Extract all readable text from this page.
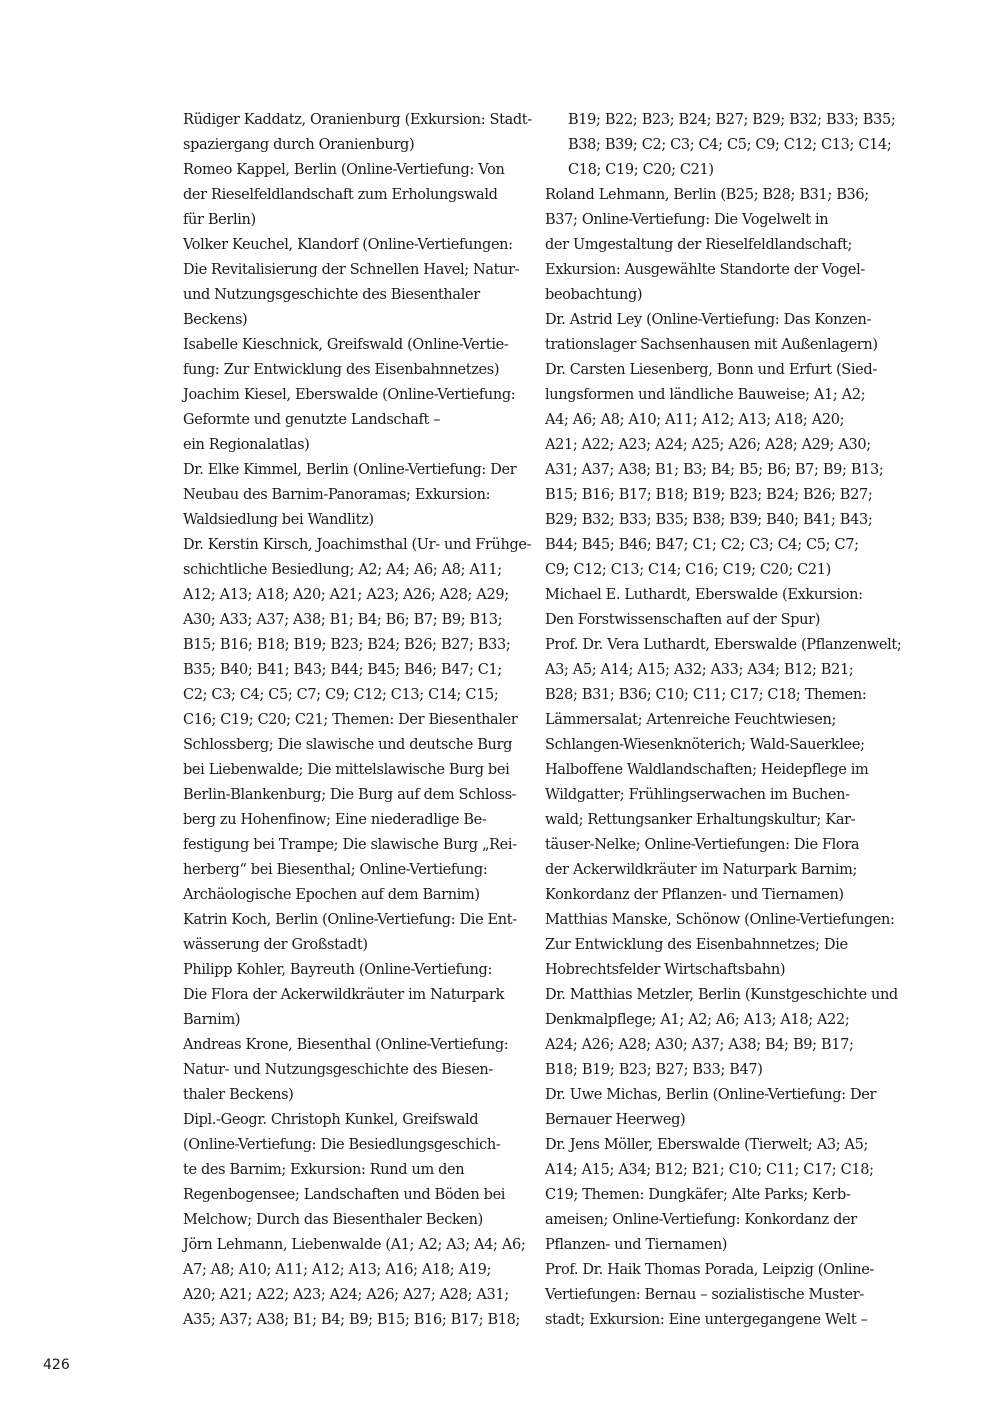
Rüdiger Kaddatz, Oranienburg (Exkursion: Stadt-
spaziergang durch Oranienburg)
Romeo Kappel, Berlin (Online-Vertiefung: Von
der Rieselfeldlandschaft zum Erholungswald
für Berlin)
Volker Keuchel, Klandorf (Online-Vertiefungen:
Die Revitalisierung der Schnellen Havel; Natur-
und Nutzungsgeschichte des Biesenthaler
Beckens)
Isabelle Kieschnick, Greifswald (Online-Vertie-
fung: Zur Entwicklung des Eisenbahnnetzes)
Joachim Kiesel, Eberswalde (Online-Vertiefung:
Geformte und genutzte Landschaft –
ein Regionalatlas)
Dr. Elke Kimmel, Berlin (Online-Vertiefung: Der
Neubau des Barnim-Panoramas; Exkursion:
Waldsiedlung bei Wandlitz)
Dr. Kerstin Kirsch, Joachimsthal (Ur- und Frühge-
schichtliche Besiedlung; A2; A4; A6; A8; A11;
A12; A13; A18; A20; A21; A23; A26; A28; A29;
A30; A33; A37; A38; B1; B4; B6; B7; B9; B13;
B15; B16; B18; B19; B23; B24; B26; B27; B33;
B35; B40; B41; B43; B44; B45; B46; B47; C1;
C2; C3; C4; C5; C7; C9; C12; C13; C14; C15;
C16; C19; C20; C21; Themen: Der Biesenthaler
Schlossberg; Die slawische und deutsche Burg
bei Liebenwalde; Die mittelslawische Burg bei
Berlin-Blankenburg; Die Burg auf dem Schloss-
berg zu Hohenfinow; Eine niederadlige Be-
festigung bei Trampe; Die slawische Burg „Rei-
herberg“ bei Biesenthal; Online-Vertiefung:
Archäologische Epochen auf dem Barnim)
Katrin Koch, Berlin (Online-Vertiefung: Die Ent-
wässerung der Großstadt)
Philipp Kohler, Bayreuth (Online-Vertiefung:
Die Flora der Ackerwildkräuter im Naturpark
Barnim)
Andreas Krone, Biesenthal (Online-Vertiefung:
Natur- und Nutzungsgeschichte des Biesen-
thaler Beckens)
Dipl.-Geogr. Christoph Kunkel, Greifswald
(Online-Vertiefung: Die Besiedlungsgeschich-
te des Barnim; Exkursion: Rund um den
Regenbogensee; Landschaften und Böden bei
Melchow; Durch das Biesenthaler Becken)
Jörn Lehmann, Liebenwalde (A1; A2; A3; A4; A6;
A7; A8; A10; A11; A12; A13; A16; A18; A19;
A20; A21; A22; A23; A24; A26; A27; A28; A31;
A35; A37; A38; B1; B4; B9; B15; B16; B17; B18;
B19; B22; B23; B24; B27; B29; B32; B33; B35;
B38; B39; C2; C3; C4; C5; C9; C12; C13; C14;
C18; C19; C20; C21)
Roland Lehmann, Berlin (B25; B28; B31; B36;
B37; Online-Vertiefung: Die Vogelwelt in
der Umgestaltung der Rieselfeldlandschaft;
Exkursion: Ausgewählte Standorte der Vogel-
beobachtung)
Dr. Astrid Ley (Online-Vertiefung: Das Konzen-
trationslager Sachsenhausen mit Außenlagern)
Dr. Carsten Liesenberg, Bonn und Erfurt (Sied-
lungsformen und ländliche Bauweise; A1; A2;
A4; A6; A8; A10; A11; A12; A13; A18; A20;
A21; A22; A23; A24; A25; A26; A28; A29; A30;
A31; A37; A38; B1; B3; B4; B5; B6; B7; B9; B13;
B15; B16; B17; B18; B19; B23; B24; B26; B27;
B29; B32; B33; B35; B38; B39; B40; B41; B43;
B44; B45; B46; B47; C1; C2; C3; C4; C5; C7;
C9; C12; C13; C14; C16; C19; C20; C21)
Michael E. Luthardt, Eberswalde (Exkursion:
Den Forstwissenschaften auf der Spur)
Prof. Dr. Vera Luthardt, Eberswalde (Pflanzenwelt;
A3; A5; A14; A15; A32; A33; A34; B12; B21;
B28; B31; B36; C10; C11; C17; C18; Themen:
Lämmersalat; Artenreiche Feuchtwiesen;
Schlangen-Wiesenknöterich; Wald-Sauerklee;
Halboffene Waldlandschaften; Heidepflege im
Wildgatter; Frühlingserwachen im Buchen-
wald; Rettungsanker Erhaltungskultur; Kar-
täuser-Nelke; Online-Vertiefungen: Die Flora
der Ackerwildkräuter im Naturpark Barnim;
Konkordanz der Pflanzen- und Tiernamen)
Matthias Manske, Schönow (Online-Vertiefungen:
Zur Entwicklung des Eisenbahnnetzes; Die
Hobrechtsfelder Wirtschaftsbahn)
Dr. Matthias Metzler, Berlin (Kunstgeschichte und
Denkmalpflege; A1; A2; A6; A13; A18; A22;
A24; A26; A28; A30; A37; A38; B4; B9; B17;
B18; B19; B23; B27; B33; B47)
Dr. Uwe Michas, Berlin (Online-Vertiefung: Der
Bernauer Heerweg)
Dr. Jens Möller, Eberswalde (Tierwelt; A3; A5;
A14; A15; A34; B12; B21; C10; C11; C17; C18;
C19; Themen: Dungkäfer; Alte Parks; Kerb-
ameisen; Online-Vertiefung: Konkordanz der
Pflanzen- und Tiernamen)
Prof. Dr. Haik Thomas Porada, Leipzig (Online-
Vertiefungen: Bernau – sozialistische Muster-
stadt; Exkursion: Eine untergegangene Welt –
426
